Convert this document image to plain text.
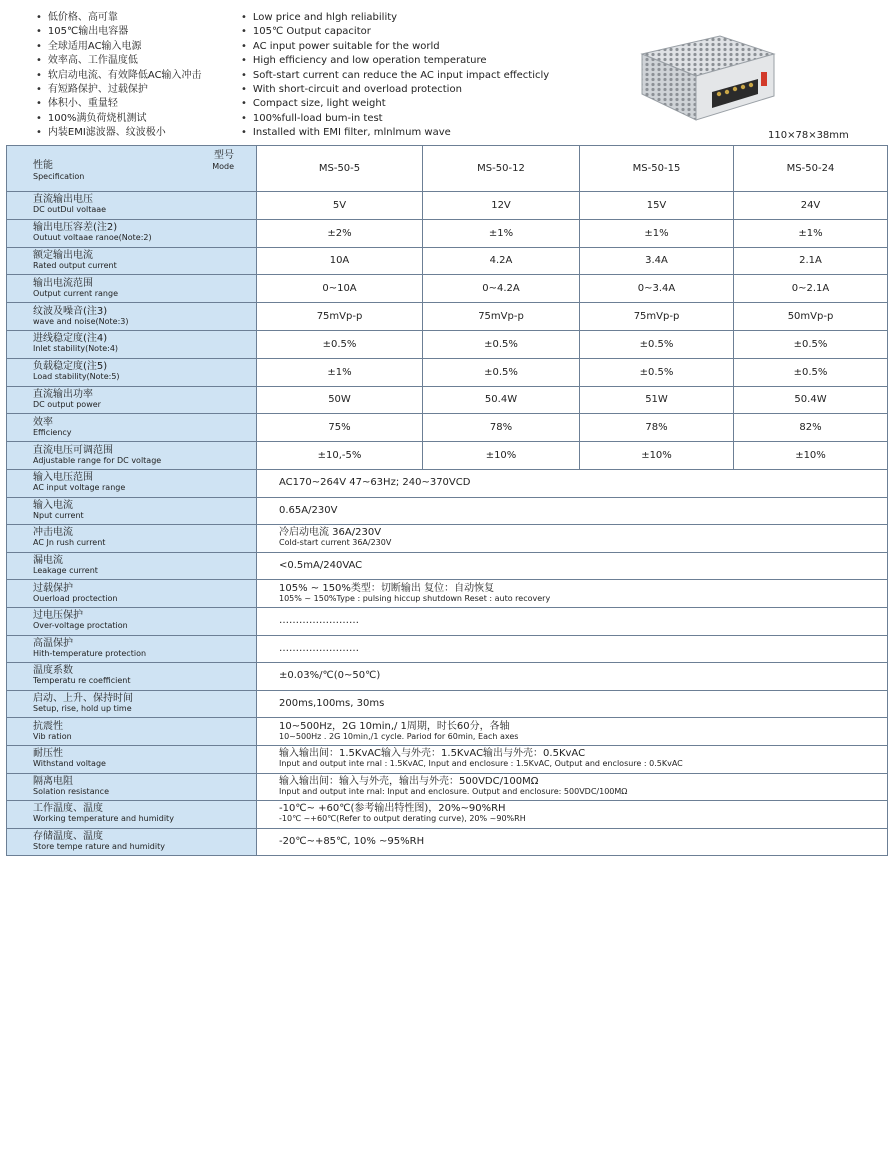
• 低价格、高可靠
• 105℃输出电容器
• 全球适用AC输入电源
• 效率高、工作温度低
• 软启动电流、有效降低AC输入冲击
• 有短路保护、过载保护
• 体积小、重量轻
• 100%满负荷烧机测试
• 内装EMI滤波器、纹波极小
• Low price and hlgh reliability
• 105℃ Output capacitor
• AC input power suitable for the world
• High efficiency and low operation temperature
• Soft-start current can reduce the AC input impact effecticly
• With short-circuit and overload protection
• Compact size, light weight
• 100%full-load bum-in test
• Installed with EMI filter, mlnlmum wave	110×78×38mm
型号
Mode
性能
Specification	MS-50-5	MS-50-12	MS-50-15	MS-50-24

直流输出电压
DC outDul voltaae	5V	12V	15V	24V

输出电压容差(注2)
Outuut voltaae ranoe(Note:2)	±2%	±1%	±1%	±1%

额定输出电流
Rated output current	10A	4.2A	3.4A	2.1A

输出电流范围
Output current range	0~10A	0~4.2A	0~3.4A	0~2.1A

纹波及噪音(注3)
wave and noise(Note:3)	75mVp-p	75mVp-p	75mVp-p	50mVp-p

进线稳定度(注4)
Inlet stability(Note:4)	±0.5%	±0.5%	±0.5%	±0.5%

负载稳定度(注5)
Load stability(Note:5)	±1%	±0.5%	±0.5%	±0.5%

直流输出功率
DC output power	50W	50.4W	51W	50.4W

效率
Efficiency	75%	78%	78%	82%

直流电压可调范围
Adjustable range for DC voltage	±10,-5%	±10%	±10%	±10%

输入电压范围
AC input voltage range	AC170~264V 47~63Hz; 240~370VCD			

输入电流
Nput current	0.65A/230V			

冲击电流
AC Jn rush current	冷启动电流 36A/230V
Cold-start current 36A/230V			

漏电流
Leakage current	<0.5mA/240VAC			

过载保护
Ouerload proctection	105% ~ 150%类型：切断输出 复位：自动恢复
105% ~ 150%Type : pulsing hiccup shutdown Reset : auto recovery			

过电压保护
Over-voltage proctation	……………………			

高温保护
Hith-temperature protection	……………………			

温度系数
Temperatu re coefficient	±0.03%/℃(0~50℃)			

启动、上升、保持时间
Setup, rise, hold up time	200ms,100ms, 30ms			

抗震性
Vib ration	10~500Hz，2G 10min,/ 1周期，时长60分，各轴
10~500Hz . 2G 10min,/1 cycle. Pariod for 60min, Each axes			

耐压性
Withstand voltage	输入输出间：1.5KvAC输入与外壳：1.5KvAC输出与外壳：0.5KvAC
Input and output inte rnal : 1.5KvAC, Input and enclosure : 1.5KvAC, Output and enclosure : 0.5KvAC			

隔离电阻
Solation resistance	输入输出间：输入与外壳，输出与外壳：500VDC/100MΩ
Input and output inte rnal: Input and enclosure. Output and enclosure: 500VDC/100MΩ			

工作温度、温度
Working temperature and humidity	-10℃~ +60℃(参考输出特性图)，20%~90%RH
-10℃ ~+60℃(Refer to output derating curve), 20% ~90%RH			

存储温度、温度
Store tempe rature and humidity	-20℃~+85℃, 10% ~95%RH			
